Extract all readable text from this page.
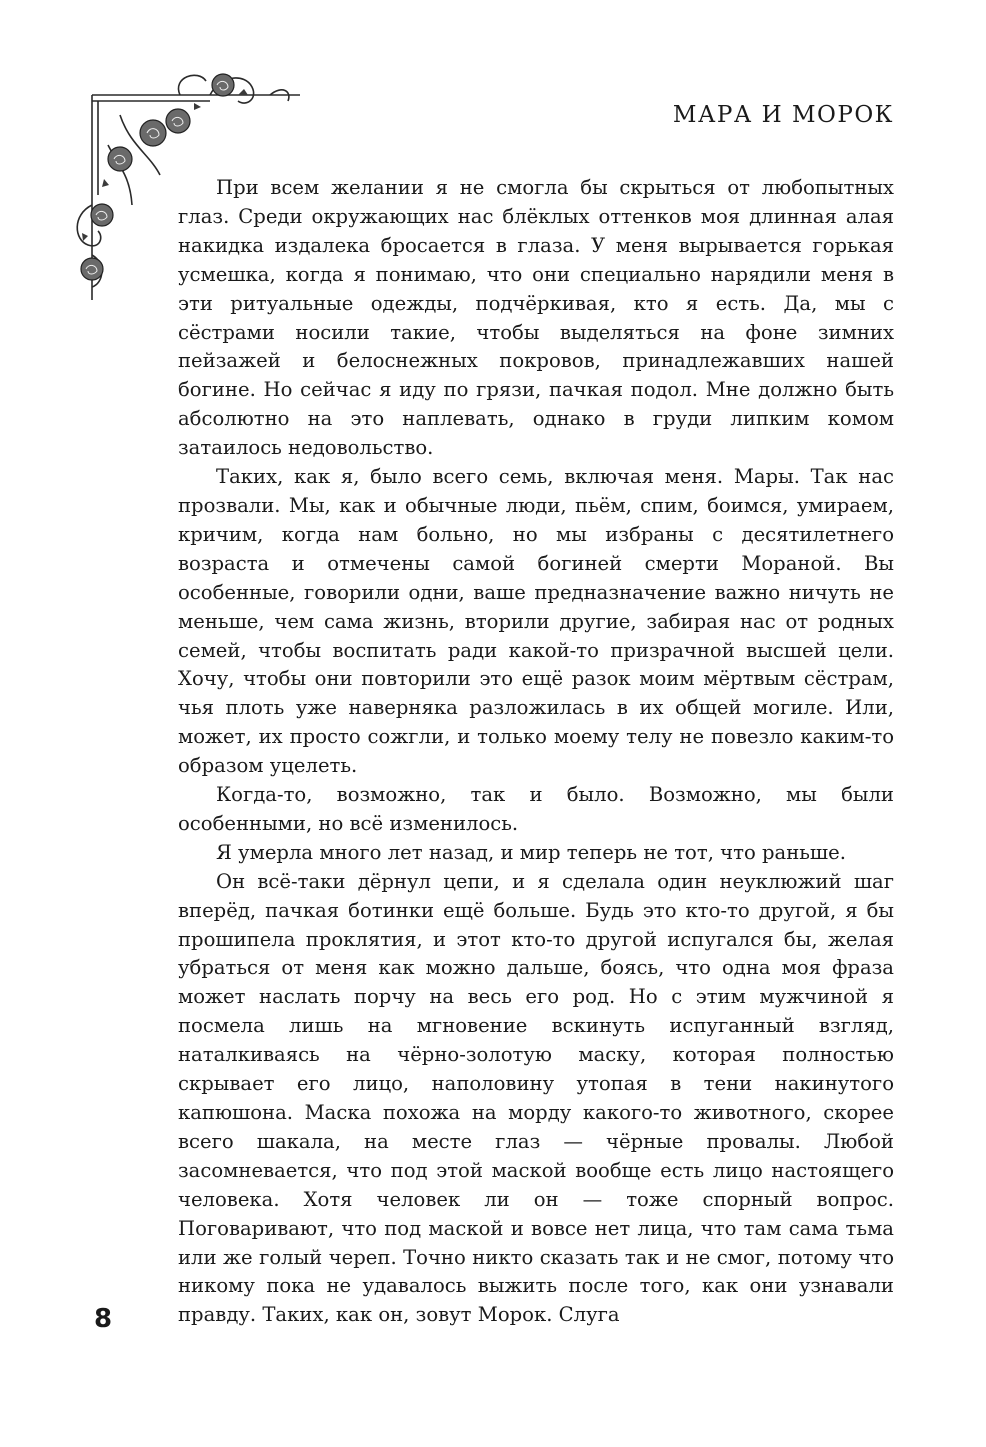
МАРА И МОРОК

При всем желании я не смогла бы скрыться от любопытных глаз. Среди окружающих нас блёклых оттенков моя длинная алая накидка издалека бросается в глаза. У меня вырывается горькая усмешка, когда я понимаю, что они специально нарядили меня в эти ритуальные одежды, подчёркивая, кто я есть. Да, мы с сёстрами носили такие, чтобы выделяться на фоне зимних пейзажей и белоснежных покровов, принадлежавших нашей богине. Но сейчас я иду по грязи, пачкая подол. Мне должно быть абсолютно на это наплевать, однако в груди липким комом затаилось недовольство.

Таких, как я, было всего семь, включая меня. Мары. Так нас прозвали. Мы, как и обычные люди, пьём, спим, боимся, умираем, кричим, когда нам больно, но мы избраны с десятилетнего возраста и отмечены самой богиней смерти Мораной. Вы особенные, говорили одни, ваше предназначение важно ничуть не меньше, чем сама жизнь, вторили другие, забирая нас от родных семей, чтобы воспитать ради какой-то призрачной высшей цели. Хочу, чтобы они повторили это ещё разок моим мёртвым сёстрам, чья плоть уже наверняка разложилась в их общей могиле. Или, может, их просто сожгли, и только моему телу не повезло каким-то образом уцелеть.

Когда-то, возможно, так и было. Возможно, мы были особенными, но всё изменилось.

Я умерла много лет назад, и мир теперь не тот, что раньше.

Он всё-таки дёрнул цепи, и я сделала один неуклюжий шаг вперёд, пачкая ботинки ещё больше. Будь это кто-то другой, я бы прошипела проклятия, и этот кто-то другой испугался бы, желая убраться от меня как можно дальше, боясь, что одна моя фраза может наслать порчу на весь его род. Но с этим мужчиной я посмела лишь на мгновение вскинуть испуганный взгляд, наталкиваясь на чёрно-золотую маску, которая полностью скрывает его лицо, наполовину утопая в тени накинутого капюшона. Маска похожа на морду какого-то животного, скорее всего шакала, на месте глаз — чёрные провалы. Любой засомневается, что под этой маской вообще есть лицо настоящего человека. Хотя человек ли он — тоже спорный вопрос. Поговаривают, что под маской и вовсе нет лица, что там сама тьма или же голый череп. Точно никто сказать так и не смог, потому что никому пока не удавалось выжить после того, как они узнавали правду. Таких, как он, зовут Морок. Слуга

8
